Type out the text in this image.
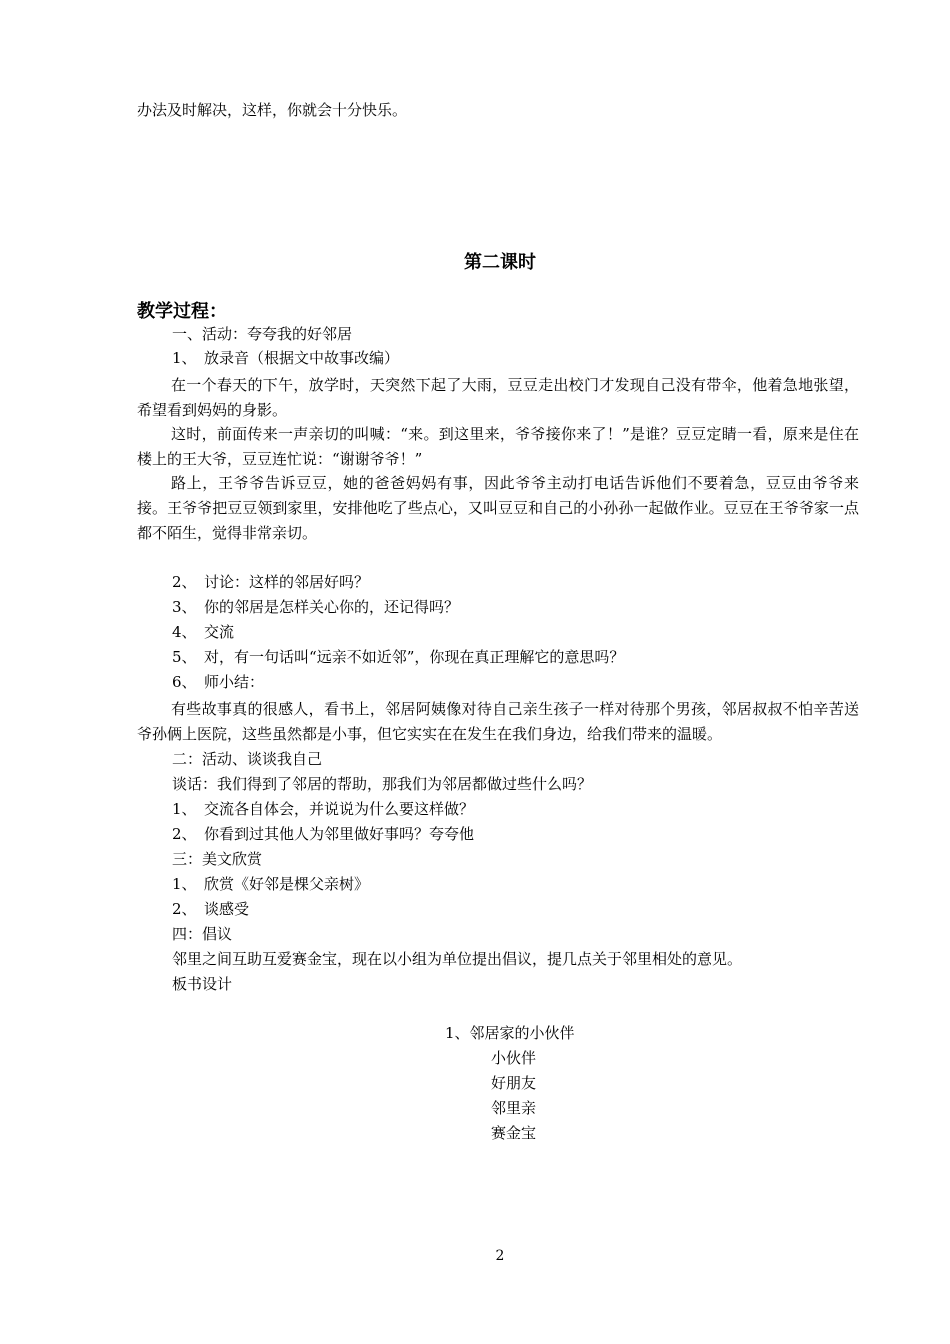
办法及时解决，这样，你就会十分快乐。
第二课时
教学过程：
一、活动：夸夸我的好邻居
1、　放录音（根据文中故事改编）
在一个春天的下午，放学时，天突然下起了大雨，豆豆走出校门才发现自己没有带伞，他着急地张望，希望看到妈妈的身影。
这时，前面传来一声亲切的叫喊：“来。到这里来，爷爷接你来了！”是谁？豆豆定睛一看，原来是住在楼上的王大爷，豆豆连忙说：“谢谢爷爷！”
路上，王爷爷告诉豆豆，她的爸爸妈妈有事，因此爷爷主动打电话告诉他们不要着急，豆豆由爷爷来接。王爷爷把豆豆领到家里，安排他吃了些点心，又叫豆豆和自己的小孙孙一起做作业。豆豆在王爷爷家一点都不陌生，觉得非常亲切。
2、　讨论：这样的邻居好吗？
3、　你的邻居是怎样关心你的，还记得吗？
4、　交流
5、　对，有一句话叫“远亲不如近邻”，你现在真正理解它的意思吗？
6、　师小结：
有些故事真的很感人，看书上，邻居阿姨像对待自己亲生孩子一样对待那个男孩，邻居叔叔不怕辛苦送爷孙俩上医院，这些虽然都是小事，但它实实在在发生在我们身边，给我们带来的温暖。
二：活动、谈谈我自己
谈话：我们得到了邻居的帮助，那我们为邻居都做过些什么吗？
1、　交流各自体会，并说说为什么要这样做？
2、　你看到过其他人为邻里做好事吗？夸夸他
三：美文欣赏
1、　欣赏《好邻是棵父亲树》
2、　谈感受
四：倡议
邻里之间互助互爱赛金宝，现在以小组为单位提出倡议，提几点关于邻里相处的意见。
板书设计
1、邻居家的小伙伴
小伙伴
好朋友
邻里亲
赛金宝
2
